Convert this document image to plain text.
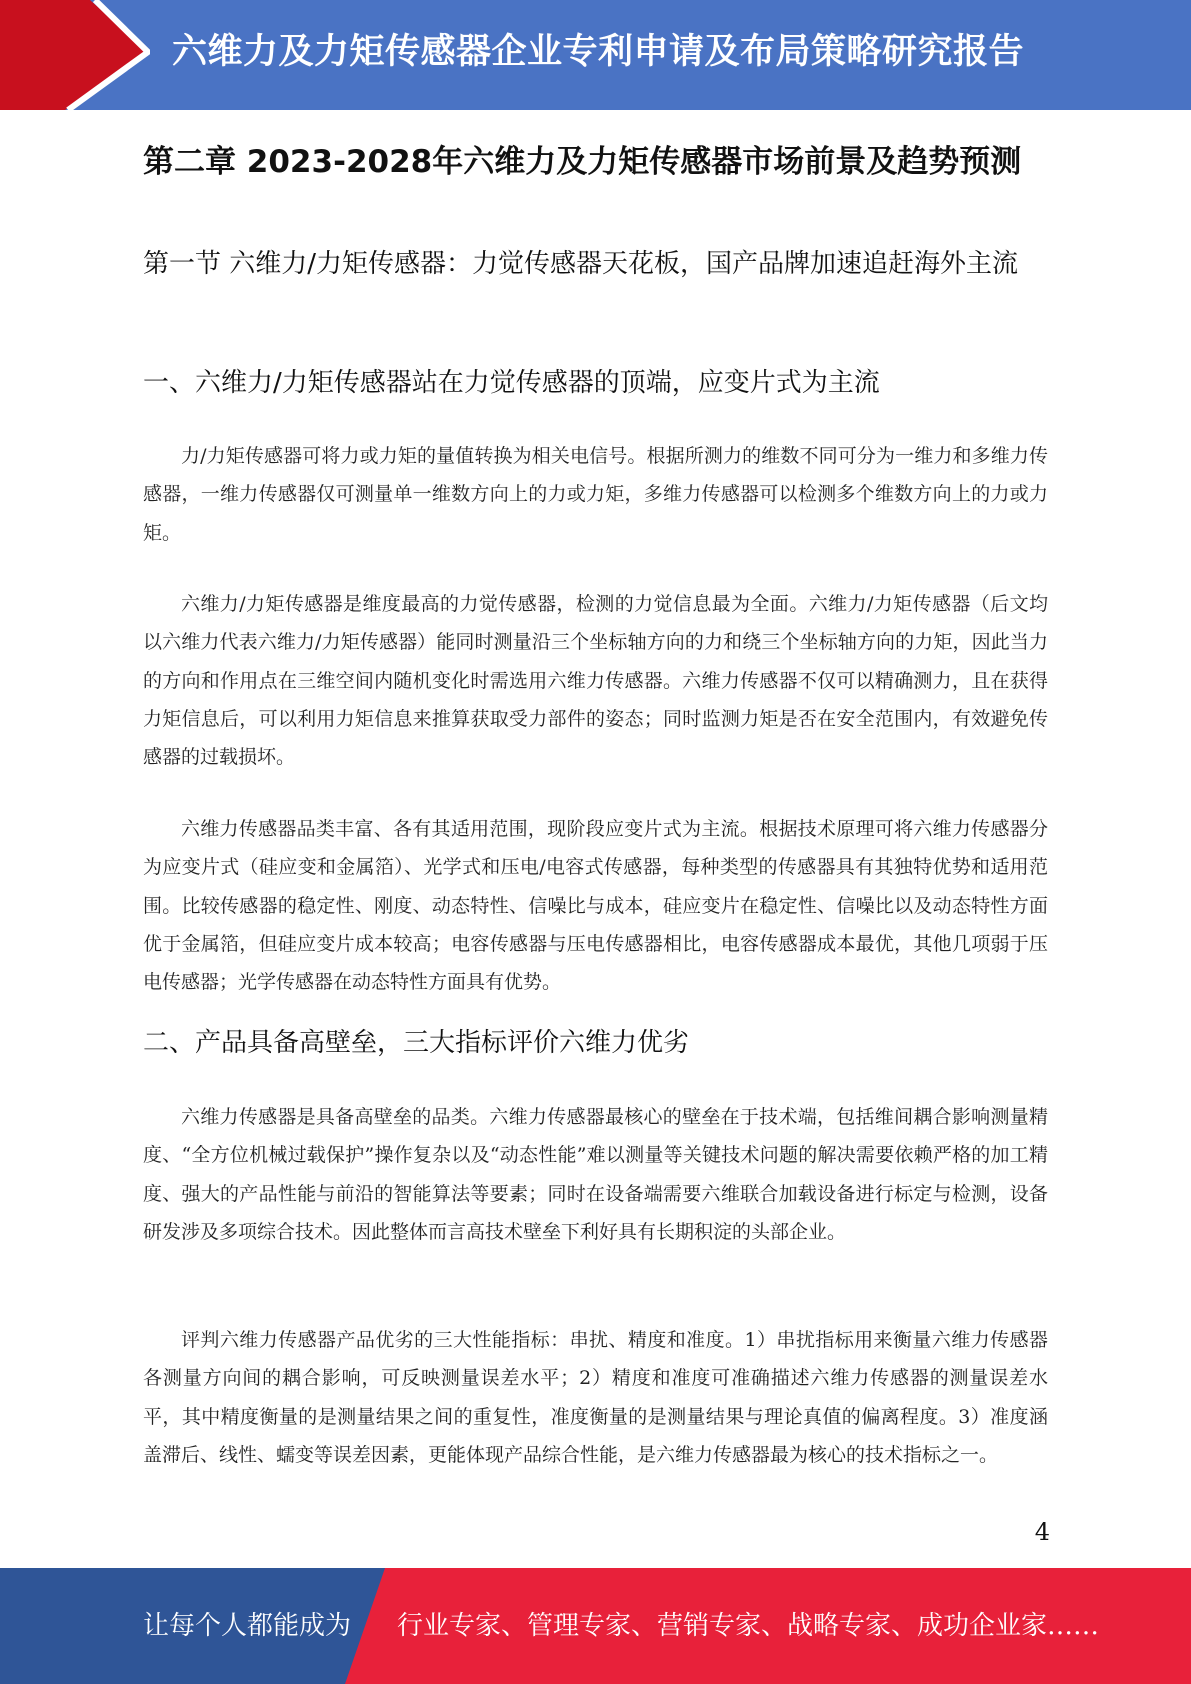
六维力及力矩传感器企业专利申请及布局策略研究报告
第二章 2023-2028年六维力及力矩传感器市场前景及趋势预测
第一节 六维力/力矩传感器：力觉传感器天花板，国产品牌加速追赶海外主流
一、六维力/力矩传感器站在力觉传感器的顶端，应变片式为主流

力/力矩传感器可将力或力矩的量值转换为相关电信号。根据所测力的维数不同可分为一维力和多维力传感器，一维力传感器仅可测量单一维数方向上的力或力矩，多维力传感器可以检测多个维数方向上的力或力矩。

六维力/力矩传感器是维度最高的力觉传感器，检测的力觉信息最为全面。六维力/力矩传感器（后文均以六维力代表六维力/力矩传感器）能同时测量沿三个坐标轴方向的力和绕三个坐标轴方向的力矩，因此当力的方向和作用点在三维空间内随机变化时需选用六维力传感器。六维力传感器不仅可以精确测力，且在获得力矩信息后，可以利用力矩信息来推算获取受力部件的姿态；同时监测力矩是否在安全范围内，有效避免传感器的过载损坏。

六维力传感器品类丰富、各有其适用范围，现阶段应变片式为主流。根据技术原理可将六维力传感器分为应变片式（硅应变和金属箔）、光学式和压电/电容式传感器，每种类型的传感器具有其独特优势和适用范围。比较传感器的稳定性、刚度、动态特性、信噪比与成本，硅应变片在稳定性、信噪比以及动态特性方面优于金属箔，但硅应变片成本较高；电容传感器与压电传感器相比，电容传感器成本最优，其他几项弱于压电传感器；光学传感器在动态特性方面具有优势。

二、产品具备高壁垒，三大指标评价六维力优劣

六维力传感器是具备高壁垒的品类。六维力传感器最核心的壁垒在于技术端，包括维间耦合影响测量精度、“全方位机械过载保护”操作复杂以及“动态性能”难以测量等关键技术问题的解决需要依赖严格的加工精度、强大的产品性能与前沿的智能算法等要素；同时在设备端需要六维联合加载设备进行标定与检测，设备研发涉及多项综合技术。因此整体而言高技术壁垒下利好具有长期积淀的头部企业。

评判六维力传感器产品优劣的三大性能指标：串扰、精度和准度。1）串扰指标用来衡量六维力传感器各测量方向间的耦合影响，可反映测量误差水平；2）精度和准度可准确描述六维力传感器的测量误差水平，其中精度衡量的是测量结果之间的重复性，准度衡量的是测量结果与理论真值的偏离程度。3）准度涵盖滞后、线性、蠕变等误差因素，更能体现产品综合性能，是六维力传感器最为核心的技术指标之一。

4
让每个人都能成为 行业专家、管理专家、营销专家、战略专家、成功企业家……
